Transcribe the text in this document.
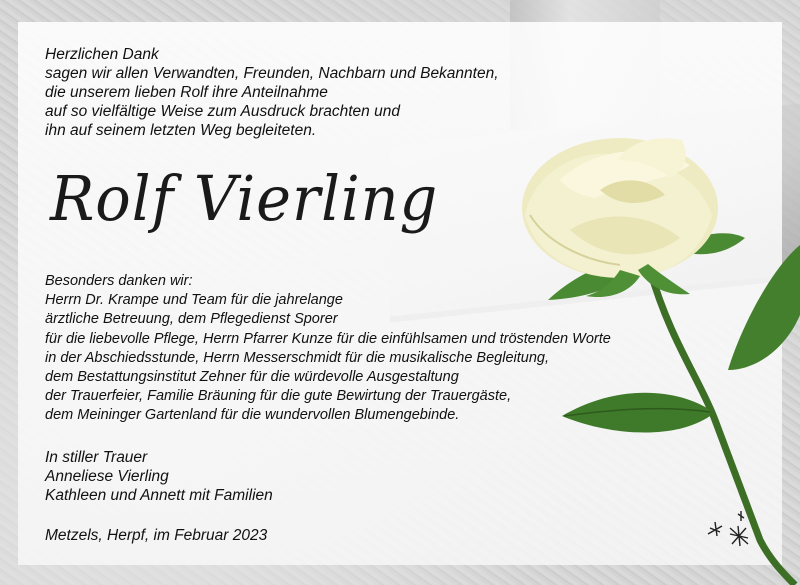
Herzlichen Dank
sagen wir allen Verwandten, Freunden, Nachbarn und Bekannten,
die unserem lieben Rolf ihre Anteilnahme
auf so vielfältige Weise zum Ausdruck brachten und
ihn auf seinem letzten Weg begleiteten.
Rolf Vierling
Besonders danken wir:
Herrn Dr. Krampe und Team für die jahrelange
ärztliche Betreuung, dem Pflegedienst Sporer
für die liebevolle Pflege, Herrn Pfarrer Kunze für die einfühlsamen und tröstenden Worte
in der Abschiedsstunde, Herrn Messerschmidt für die musikalische Begleitung,
dem Bestattungsinstitut Zehner für die würdevolle Ausgestaltung
der Trauerfeier, Familie Bräuning für die gute Bewirtung der Trauergäste,
dem Meininger Gartenland für die wundervollen Blumengebinde.
In stiller Trauer
Anneliese Vierling
Kathleen und Annett mit Familien
Metzels, Herpf, im Februar 2023
